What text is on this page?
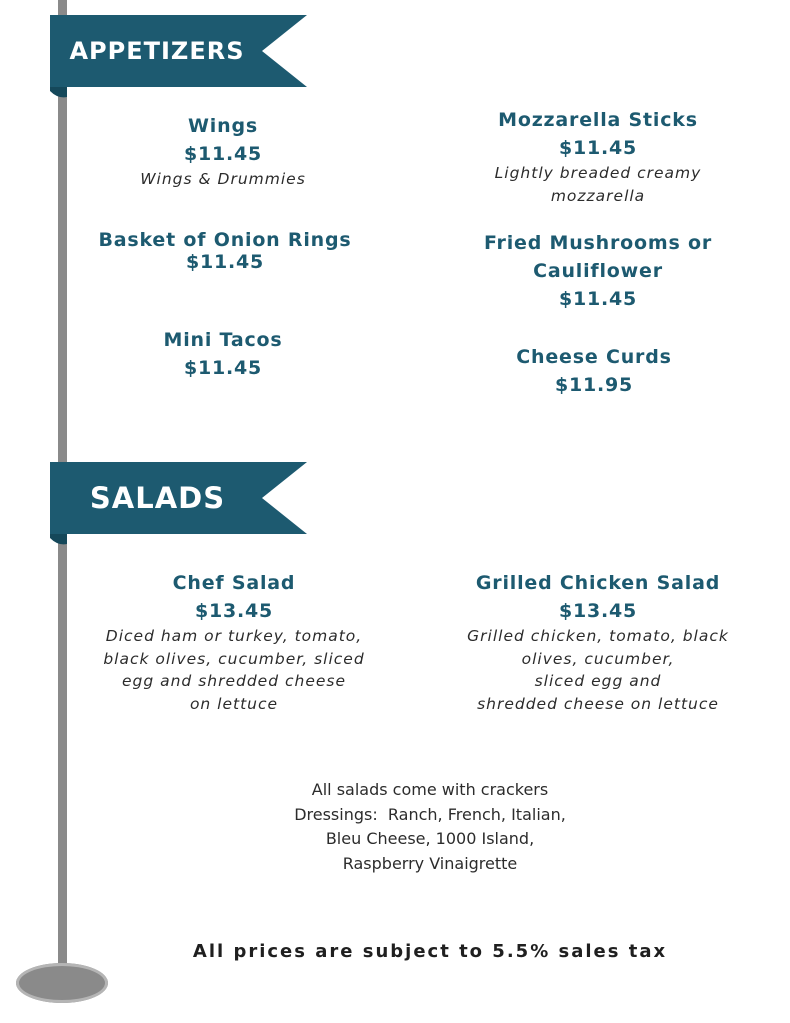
APPETIZERS
Wings
$11.45
Wings & Drummies
Mozzarella Sticks
$11.45
Lightly breaded creamy
mozzarella
Basket of Onion Rings
$11.45
Fried Mushrooms or
Cauliflower
$11.45
Mini Tacos
$11.45	Cheese Curds
$11.95
SALADS
Chef Salad
$13.45
Diced ham or turkey, tomato,
black olives, cucumber, sliced
egg and shredded cheese
on lettuce
Grilled Chicken Salad
$13.45
Grilled chicken, tomato, black
olives, cucumber,
sliced egg and
shredded cheese on lettuce
All salads come with crackers
Dressings:  Ranch, French, Italian,
Bleu Cheese, 1000 Island,
Raspberry Vinaigrette
All prices are subject to 5.5% sales tax
